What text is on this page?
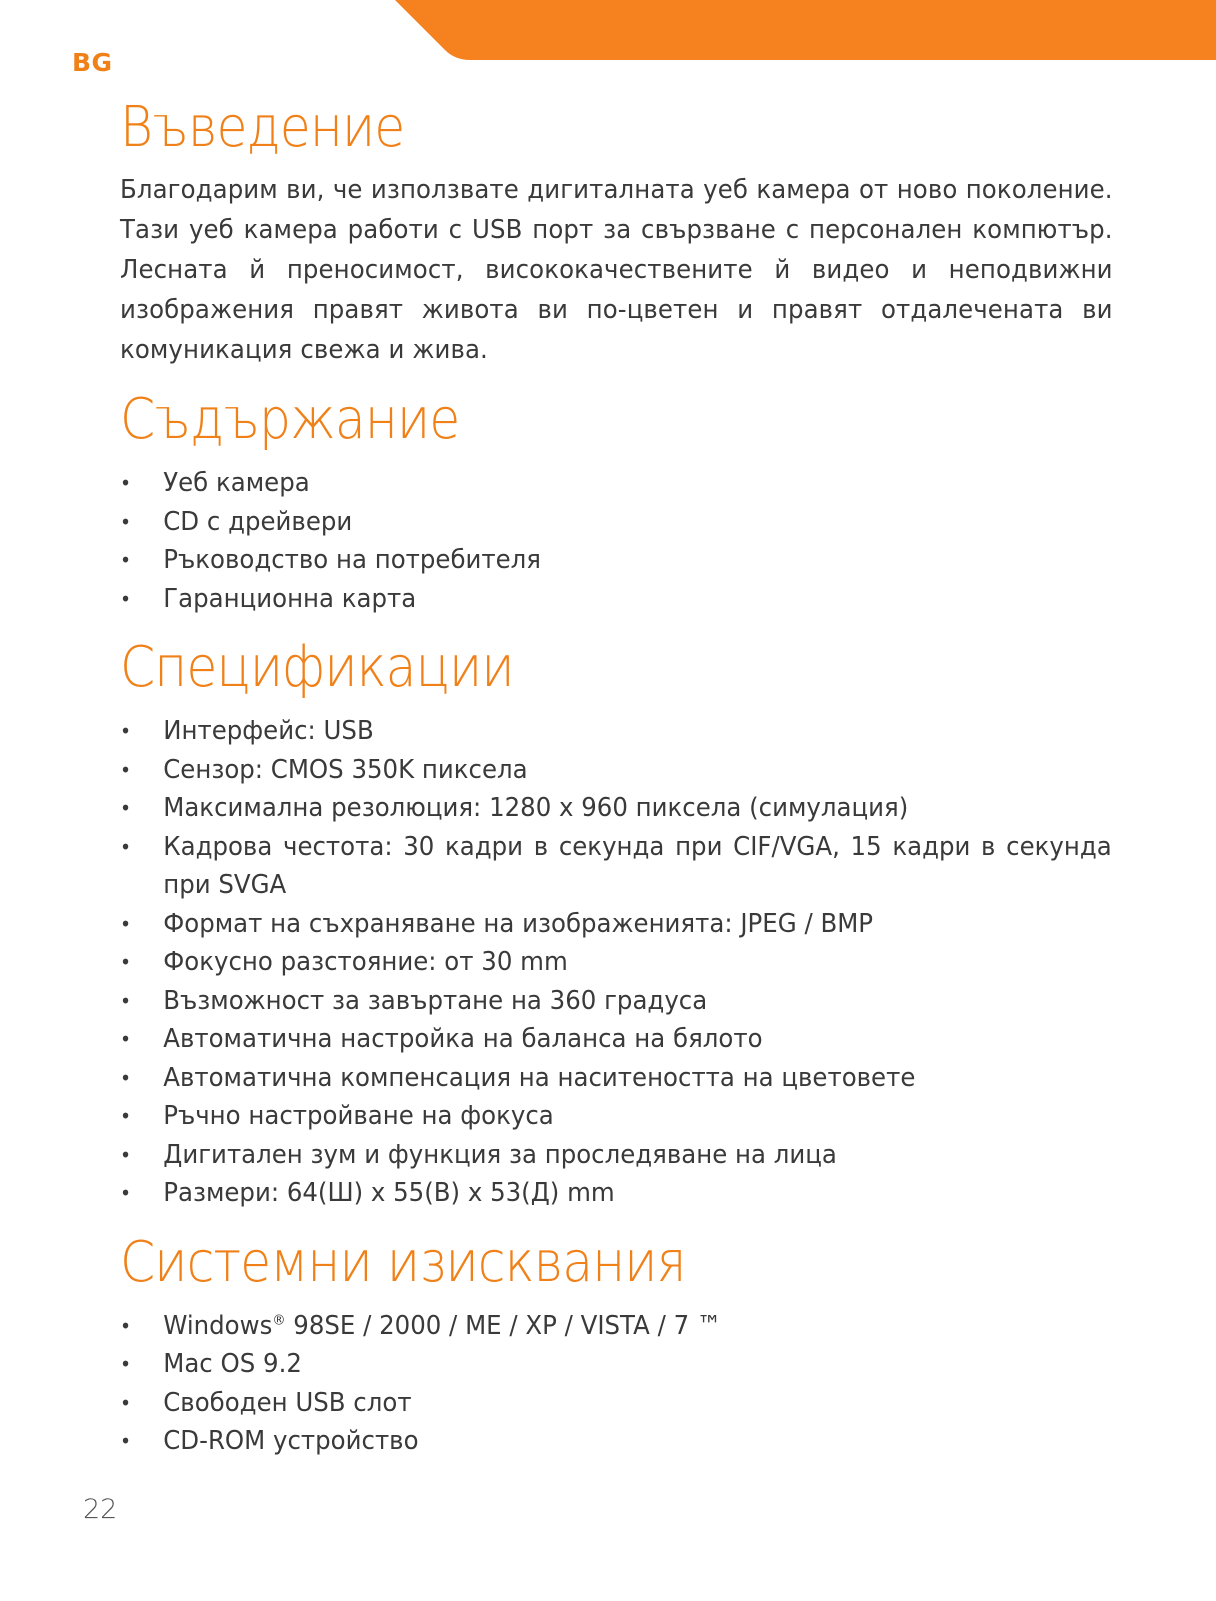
BG
Въведение

Благодарим ви, че използвате дигиталната уеб камера от ново поколение. Тази уеб камера работи с USB порт за свързване с персонален компютър. Лесната й преносимост, висококачествените й видео и неподвижни изображения правят живота ви по-цветен и правят отдалечената ви комуникация свежа и жива.

Съдържание
• Уеб камера
• CD с дрейвери
• Ръководство на потребителя
• Гаранционна карта
Спецификации
• Интерфейс: USB
• Сензор: CMOS 350K пиксела
• Максимална резолюция: 1280 x 960 пиксела (симулация)
• Кадрова честота: 30 кадри в секунда при CIF/VGA, 15 кадри в секунда при SVGA
• Формат на съхраняване на изображенията: JPEG / BMP
• Фокусно разстояние: от 30 mm
• Възможност за завъртане на 360 градуса
• Автоматична настройка на баланса на бялото
• Автоматична компенсация на наситеността на цветовете
• Ръчно настройване на фокуса
• Дигитален зум и функция за проследяване на лица
• Размери: 64(Ш) x 55(В) x 53(Д) mm
Системни изисквания
• Windows® 98SE / 2000 / ME / XP / VISTA / 7 ™
• Mac OS 9.2
• Свободен USB слот
• CD-ROM устройство
22
